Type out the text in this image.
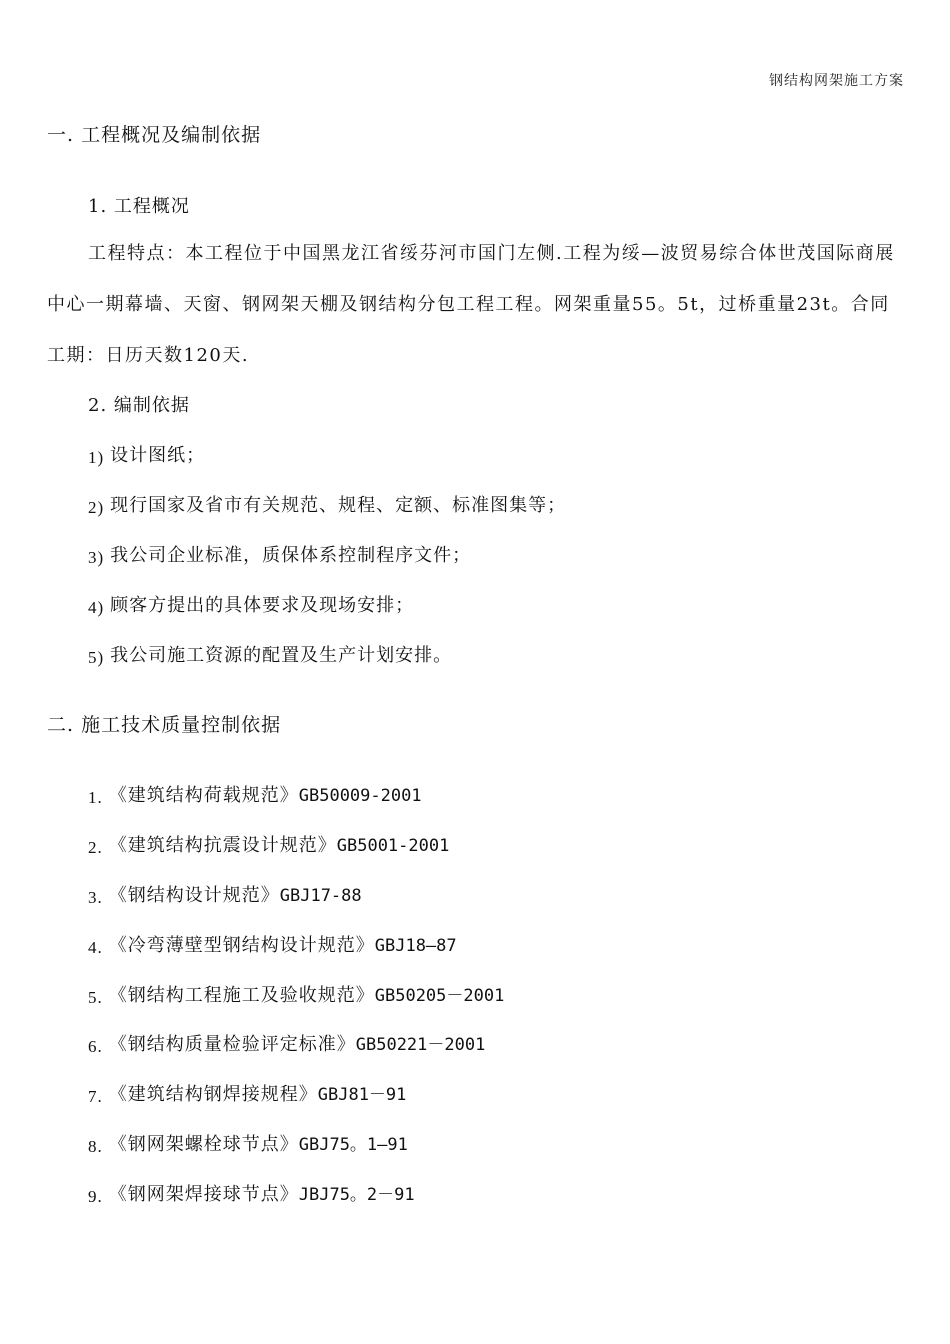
钢结构网架施工方案
一. 工程概况及编制依据
1. 工程概况
工程特点：本工程位于中国黑龙江省绥芬河市国门左侧.工程为绥—波贸易综合体世茂国际商展中心一期幕墙、天窗、钢网架天棚及钢结构分包工程工程。网架重量55。5t，过桥重量23t。合同工期：日历天数120天.
2. 编制依据
1) 设计图纸；
2) 现行国家及省市有关规范、规程、定额、标准图集等；
3) 我公司企业标准，质保体系控制程序文件；
4) 顾客方提出的具体要求及现场安排；
5) 我公司施工资源的配置及生产计划安排。
二. 施工技术质量控制依据
1. 《建筑结构荷载规范》GB50009-2001
2. 《建筑结构抗震设计规范》GB5001-2001
3. 《钢结构设计规范》GBJ17-88
4. 《冷弯薄壁型钢结构设计规范》GBJ18—87
5. 《钢结构工程施工及验收规范》GB50205－2001
6. 《钢结构质量检验评定标准》GB50221－2001
7. 《建筑结构钢焊接规程》GBJ81－91
8. 《钢网架螺栓球节点》GBJ75。1—91
9. 《钢网架焊接球节点》JBJ75。2－91
